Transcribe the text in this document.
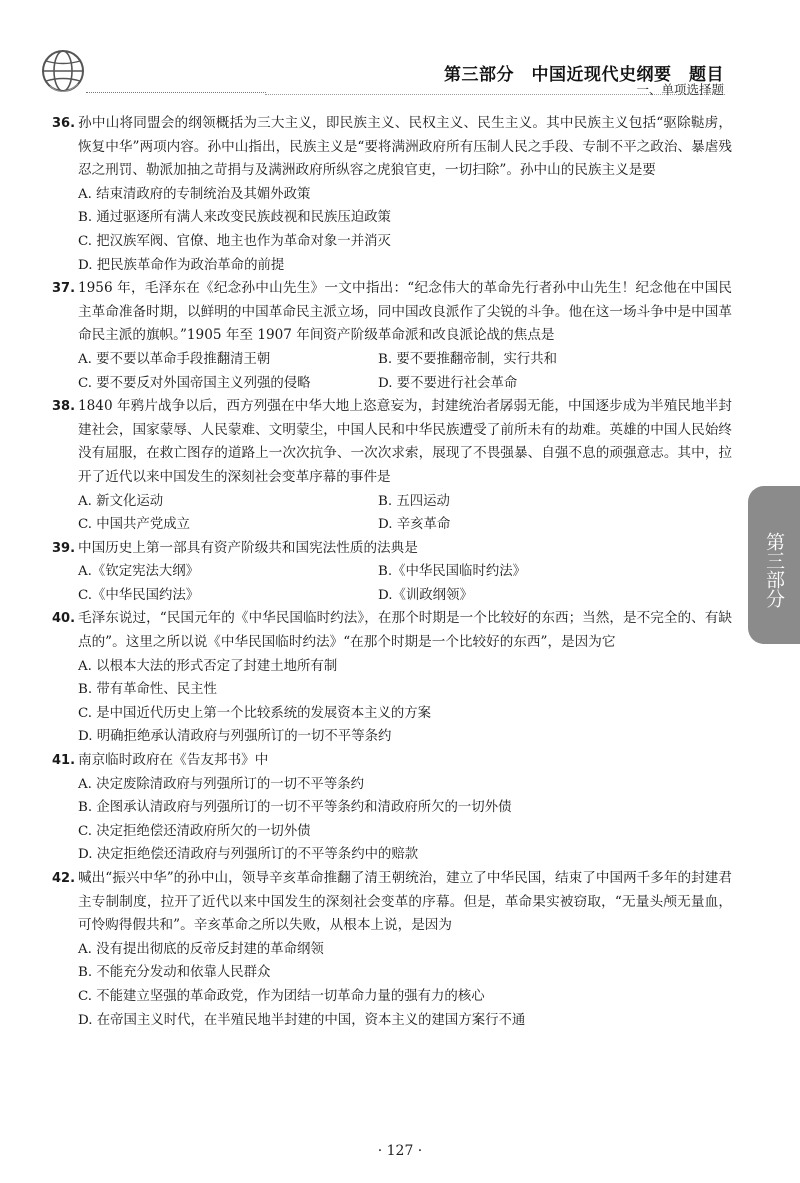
第三部分　中国近现代史纲要　题目
一、单项选择题
36. 孙中山将同盟会的纲领概括为三大主义，即民族主义、民权主义、民生主义。其中民族主义包括“驱除鞑虏，恢复中华”两项内容。孙中山指出，民族主义是“要将满洲政府所有压制人民之手段、专制不平之政治、暴虐残忍之刑罚、勒派加抽之苛捐与及满洲政府所纵容之虎狼官吏，一切扫除”。孙中山的民族主义是要
A. 结束清政府的专制统治及其媚外政策
B. 通过驱逐所有满人来改变民族歧视和民族压迫政策
C. 把汉族军阀、官僚、地主也作为革命对象一并消灭
D. 把民族革命作为政治革命的前提
37. 1956 年，毛泽东在《纪念孙中山先生》一文中指出：“纪念伟大的革命先行者孙中山先生！纪念他在中国民主革命准备时期，以鲜明的中国革命民主派立场，同中国改良派作了尖锐的斗争。他在这一场斗争中是中国革命民主派的旗帜。”1905 年至 1907 年间资产阶级革命派和改良派论战的焦点是
A. 要不要以革命手段推翻清王朝	B. 要不要推翻帝制，实行共和
C. 要不要反对外国帝国主义列强的侵略	D. 要不要进行社会革命
38. 1840 年鸦片战争以后，西方列强在中华大地上恣意妄为，封建统治者孱弱无能，中国逐步成为半殖民地半封建社会，国家蒙辱、人民蒙难、文明蒙尘，中国人民和中华民族遭受了前所未有的劫难。英雄的中国人民始终没有屈服，在救亡图存的道路上一次次抗争、一次次求索，展现了不畏强暴、自强不息的顽强意志。其中，拉开了近代以来中国发生的深刻社会变革序幕的事件是
A. 新文化运动	B. 五四运动
C. 中国共产党成立	D. 辛亥革命
39. 中国历史上第一部具有资产阶级共和国宪法性质的法典是
A.《钦定宪法大纲》	B.《中华民国临时约法》
C.《中华民国约法》	D.《训政纲领》
40. 毛泽东说过，“民国元年的《中华民国临时约法》，在那个时期是一个比较好的东西；当然，是不完全的、有缺点的”。这里之所以说《中华民国临时约法》“在那个时期是一个比较好的东西”，是因为它
A. 以根本大法的形式否定了封建土地所有制
B. 带有革命性、民主性
C. 是中国近代历史上第一个比较系统的发展资本主义的方案
D. 明确拒绝承认清政府与列强所订的一切不平等条约
41. 南京临时政府在《告友邦书》中
A. 决定废除清政府与列强所订的一切不平等条约
B. 企图承认清政府与列强所订的一切不平等条约和清政府所欠的一切外债
C. 决定拒绝偿还清政府所欠的一切外债
D. 决定拒绝偿还清政府与列强所订的不平等条约中的赔款
42. 喊出“振兴中华”的孙中山，领导辛亥革命推翻了清王朝统治，建立了中华民国，结束了中国两千多年的封建君主专制制度，拉开了近代以来中国发生的深刻社会变革的序幕。但是，革命果实被窃取，“无量头颅无量血，可怜购得假共和”。辛亥革命之所以失败，从根本上说，是因为
A. 没有提出彻底的反帝反封建的革命纲领
B. 不能充分发动和依靠人民群众
C. 不能建立坚强的革命政党，作为团结一切革命力量的强有力的核心
D. 在帝国主义时代，在半殖民地半封建的中国，资本主义的建国方案行不通
第三部分
· 127 ·
